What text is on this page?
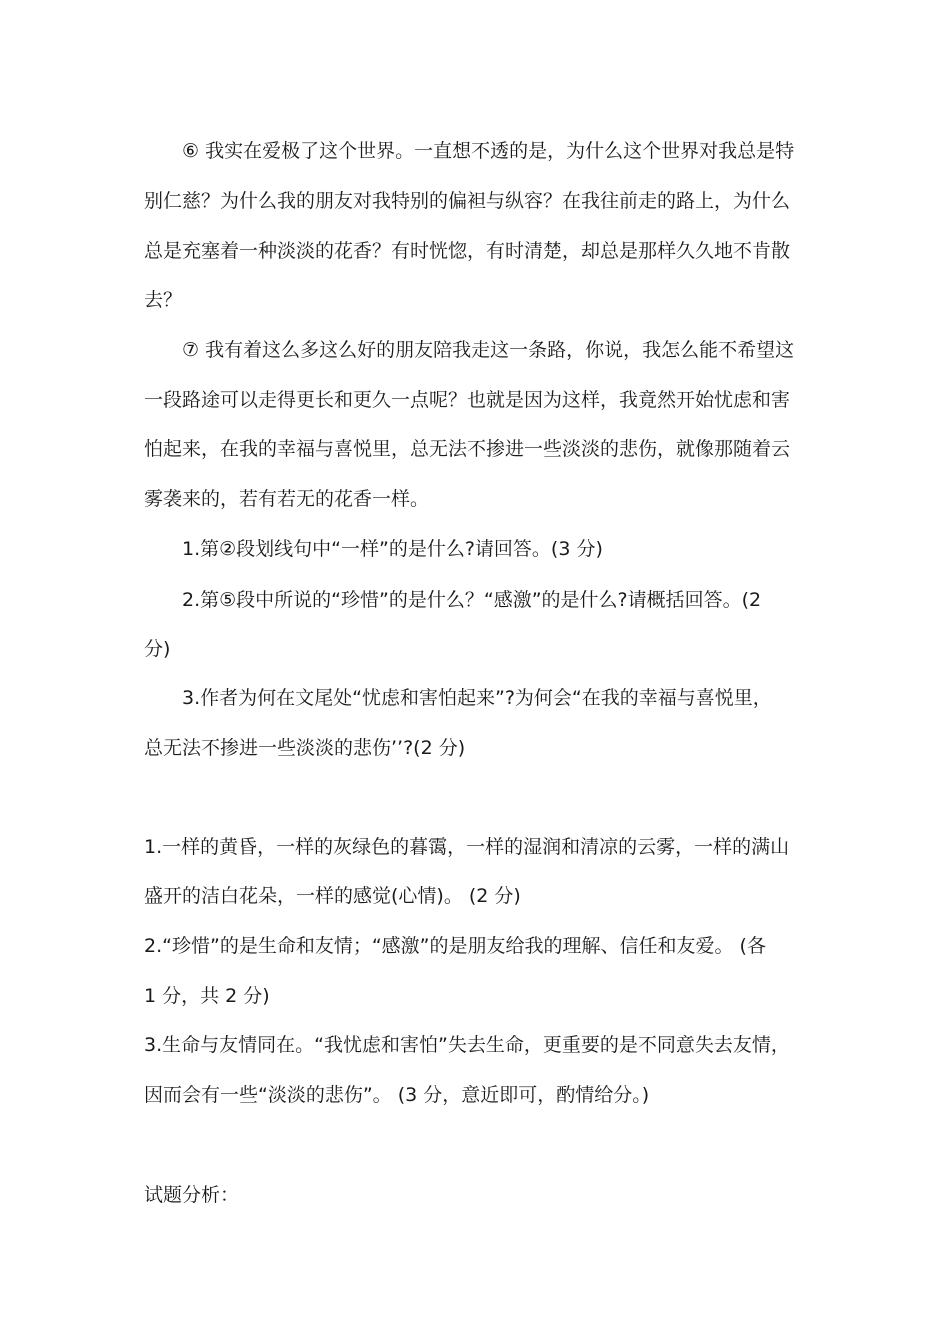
⑥ 我实在爱极了这个世界。一直想不透的是，为什么这个世界对我总是特
别仁慈？为什么我的朋友对我特别的偏袒与纵容？在我往前走的路上，为什么
总是充塞着一种淡淡的花香？有时恍惚，有时清楚，却总是那样久久地不肯散
去？
⑦ 我有着这么多这么好的朋友陪我走这一条路，你说，我怎么能不希望这
一段路途可以走得更长和更久一点呢？也就是因为这样，我竟然开始忧虑和害
怕起来，在我的幸福与喜悦里，总无法不掺进一些淡淡的悲伤，就像那随着云
雾袭来的，若有若无的花香一样。
1.第②段划线句中“一样”的是什么?请回答。(3 分)
2.第⑤段中所说的“珍惜”的是什么？“感激”的是什么?请概括回答。(2
分)
3.作者为何在文尾处“忧虑和害怕起来”?为何会“在我的幸福与喜悦里，
总无法不掺进一些淡淡的悲伤’’?(2 分)
1.一样的黄昏，一样的灰绿色的暮霭，一样的湿润和清凉的云雾，一样的满山
盛开的洁白花朵，一样的感觉(心情)。 (2 分)
2.“珍惜”的是生命和友情；“感激”的是朋友给我的理解、信任和友爱。 (各
1 分，共 2 分)
3.生命与友情同在。“我忧虑和害怕”失去生命，更重要的是不同意失去友情，
因而会有一些“淡淡的悲伤”。 (3 分，意近即可，酌情给分。)
试题分析：
